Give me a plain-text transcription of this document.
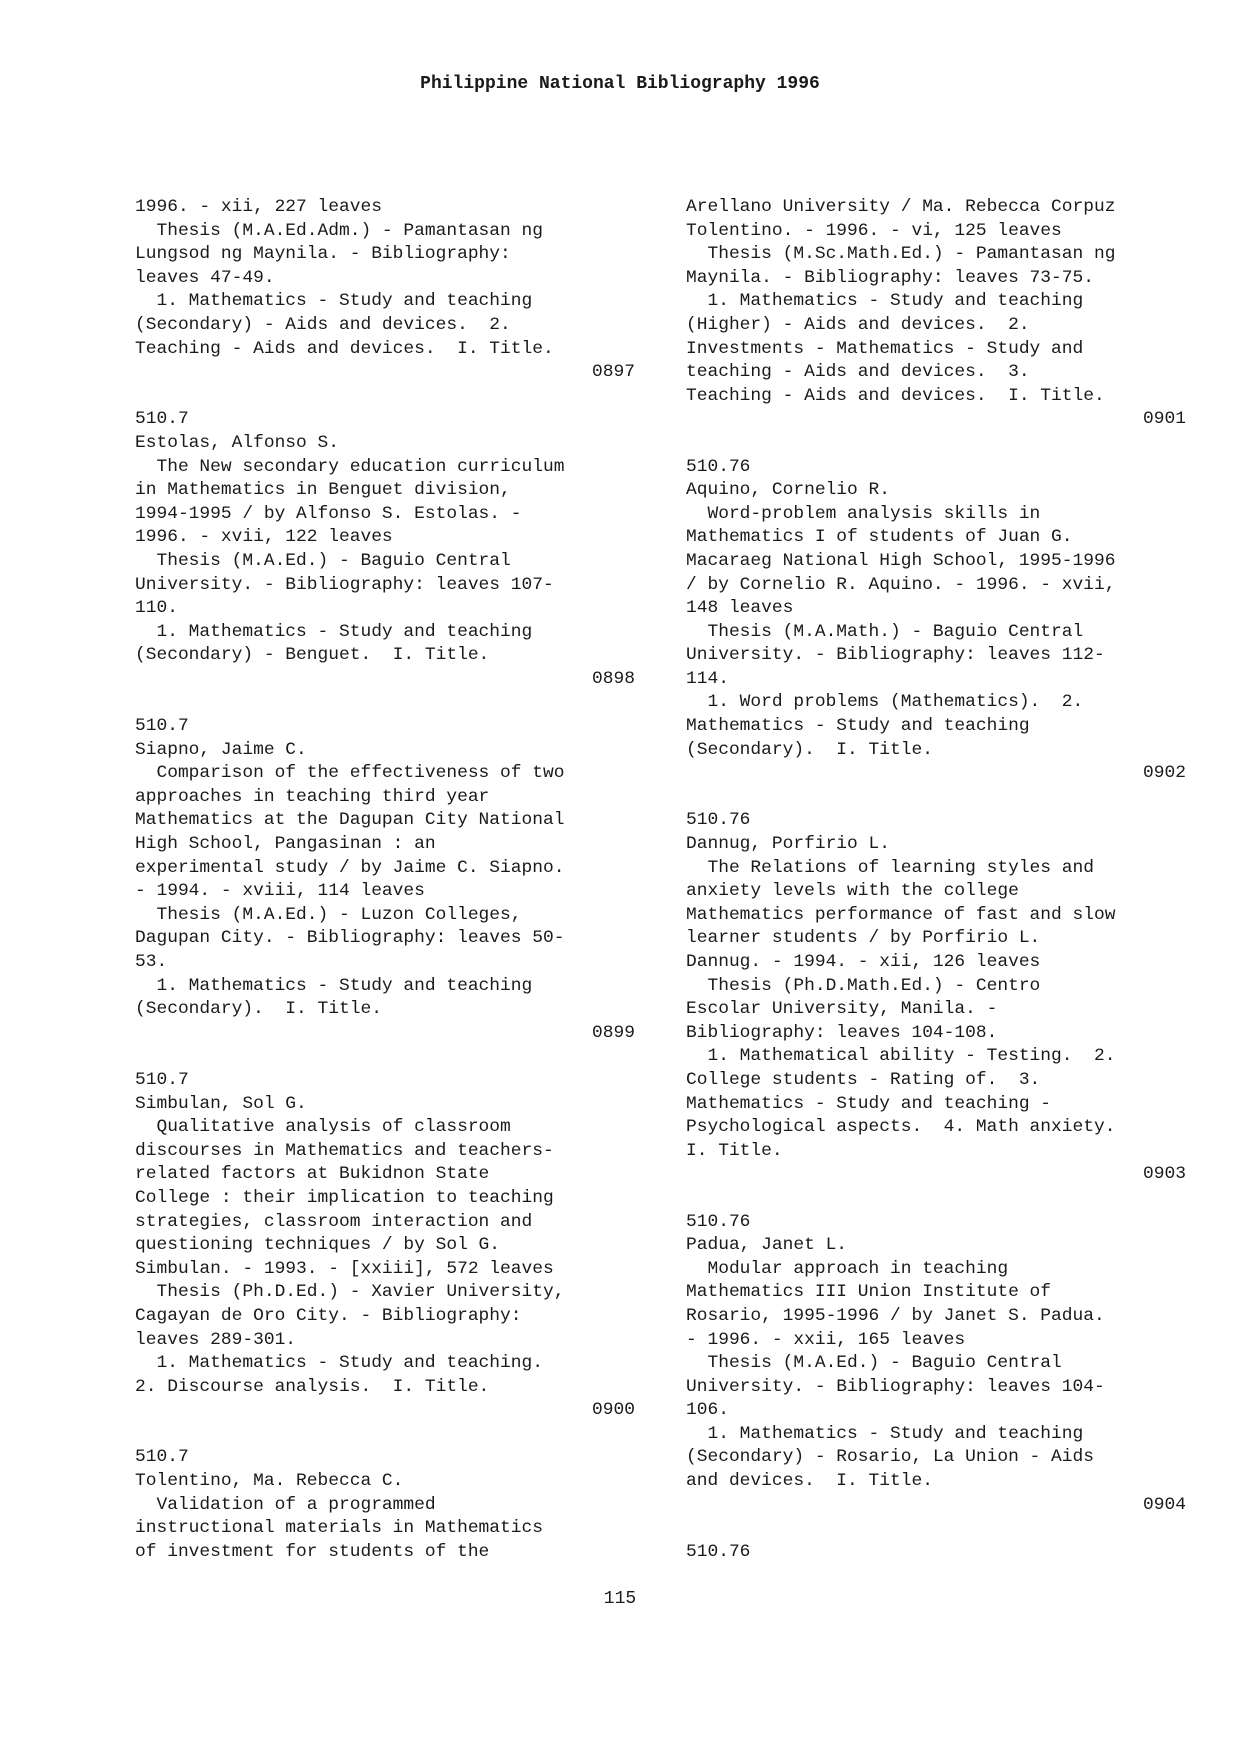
Philippine National Bibliography 1996
1996. - xii, 227 leaves
Thesis (M.A.Ed.Adm.) - Pamantasan ng
Lungsod ng Maynila. - Bibliography:
leaves 47-49.
1. Mathematics - Study and teaching
(Secondary) - Aids and devices.  2.
Teaching - Aids and devices.  I. Title.
0897
510.7
Estolas, Alfonso S.
The New secondary education curriculum
in Mathematics in Benguet division,
1994-1995 / by Alfonso S. Estolas. -
1996. - xvii, 122 leaves
Thesis (M.A.Ed.) - Baguio Central
University. - Bibliography: leaves 107-
110.
1. Mathematics - Study and teaching
(Secondary) - Benguet.  I. Title.
0898
510.7
Siapno, Jaime C.
Comparison of the effectiveness of two
approaches in teaching third year
Mathematics at the Dagupan City National
High School, Pangasinan : an
experimental study / by Jaime C. Siapno.
- 1994. - xviii, 114 leaves
Thesis (M.A.Ed.) - Luzon Colleges,
Dagupan City. - Bibliography: leaves 50-
53.
1. Mathematics - Study and teaching
(Secondary).  I. Title.
0899
510.7
Simbulan, Sol G.
Qualitative analysis of classroom
discourses in Mathematics and teachers-
related factors at Bukidnon State
College : their implication to teaching
strategies, classroom interaction and
questioning techniques / by Sol G.
Simbulan. - 1993. - [xxiii], 572 leaves
Thesis (Ph.D.Ed.) - Xavier University,
Cagayan de Oro City. - Bibliography:
leaves 289-301.
1. Mathematics - Study and teaching.
2. Discourse analysis.  I. Title.
0900
510.7
Tolentino, Ma. Rebecca C.
Validation of a programmed
instructional materials in Mathematics
of investment for students of the
Arellano University / Ma. Rebecca Corpuz
Tolentino. - 1996. - vi, 125 leaves
Thesis (M.Sc.Math.Ed.) - Pamantasan ng
Maynila. - Bibliography: leaves 73-75.
1. Mathematics - Study and teaching
(Higher) - Aids and devices.  2.
Investments - Mathematics - Study and
teaching - Aids and devices.  3.
Teaching - Aids and devices.  I. Title.
0901
510.76
Aquino, Cornelio R.
Word-problem analysis skills in
Mathematics I of students of Juan G.
Macaraeg National High School, 1995-1996
/ by Cornelio R. Aquino. - 1996. - xvii,
148 leaves
Thesis (M.A.Math.) - Baguio Central
University. - Bibliography: leaves 112-
114.
1. Word problems (Mathematics).  2.
Mathematics - Study and teaching
(Secondary).  I. Title.
0902
510.76
Dannug, Porfirio L.
The Relations of learning styles and
anxiety levels with the college
Mathematics performance of fast and slow
learner students / by Porfirio L.
Dannug. - 1994. - xii, 126 leaves
Thesis (Ph.D.Math.Ed.) - Centro
Escolar University, Manila. -
Bibliography: leaves 104-108.
1. Mathematical ability - Testing.  2.
College students - Rating of.  3.
Mathematics - Study and teaching -
Psychological aspects.  4. Math anxiety.
I. Title.
0903
510.76
Padua, Janet L.
Modular approach in teaching
Mathematics III Union Institute of
Rosario, 1995-1996 / by Janet S. Padua.
- 1996. - xxii, 165 leaves
Thesis (M.A.Ed.) - Baguio Central
University. - Bibliography: leaves 104-
106.
1. Mathematics - Study and teaching
(Secondary) - Rosario, La Union - Aids
and devices.  I. Title.
0904
510.76
115
